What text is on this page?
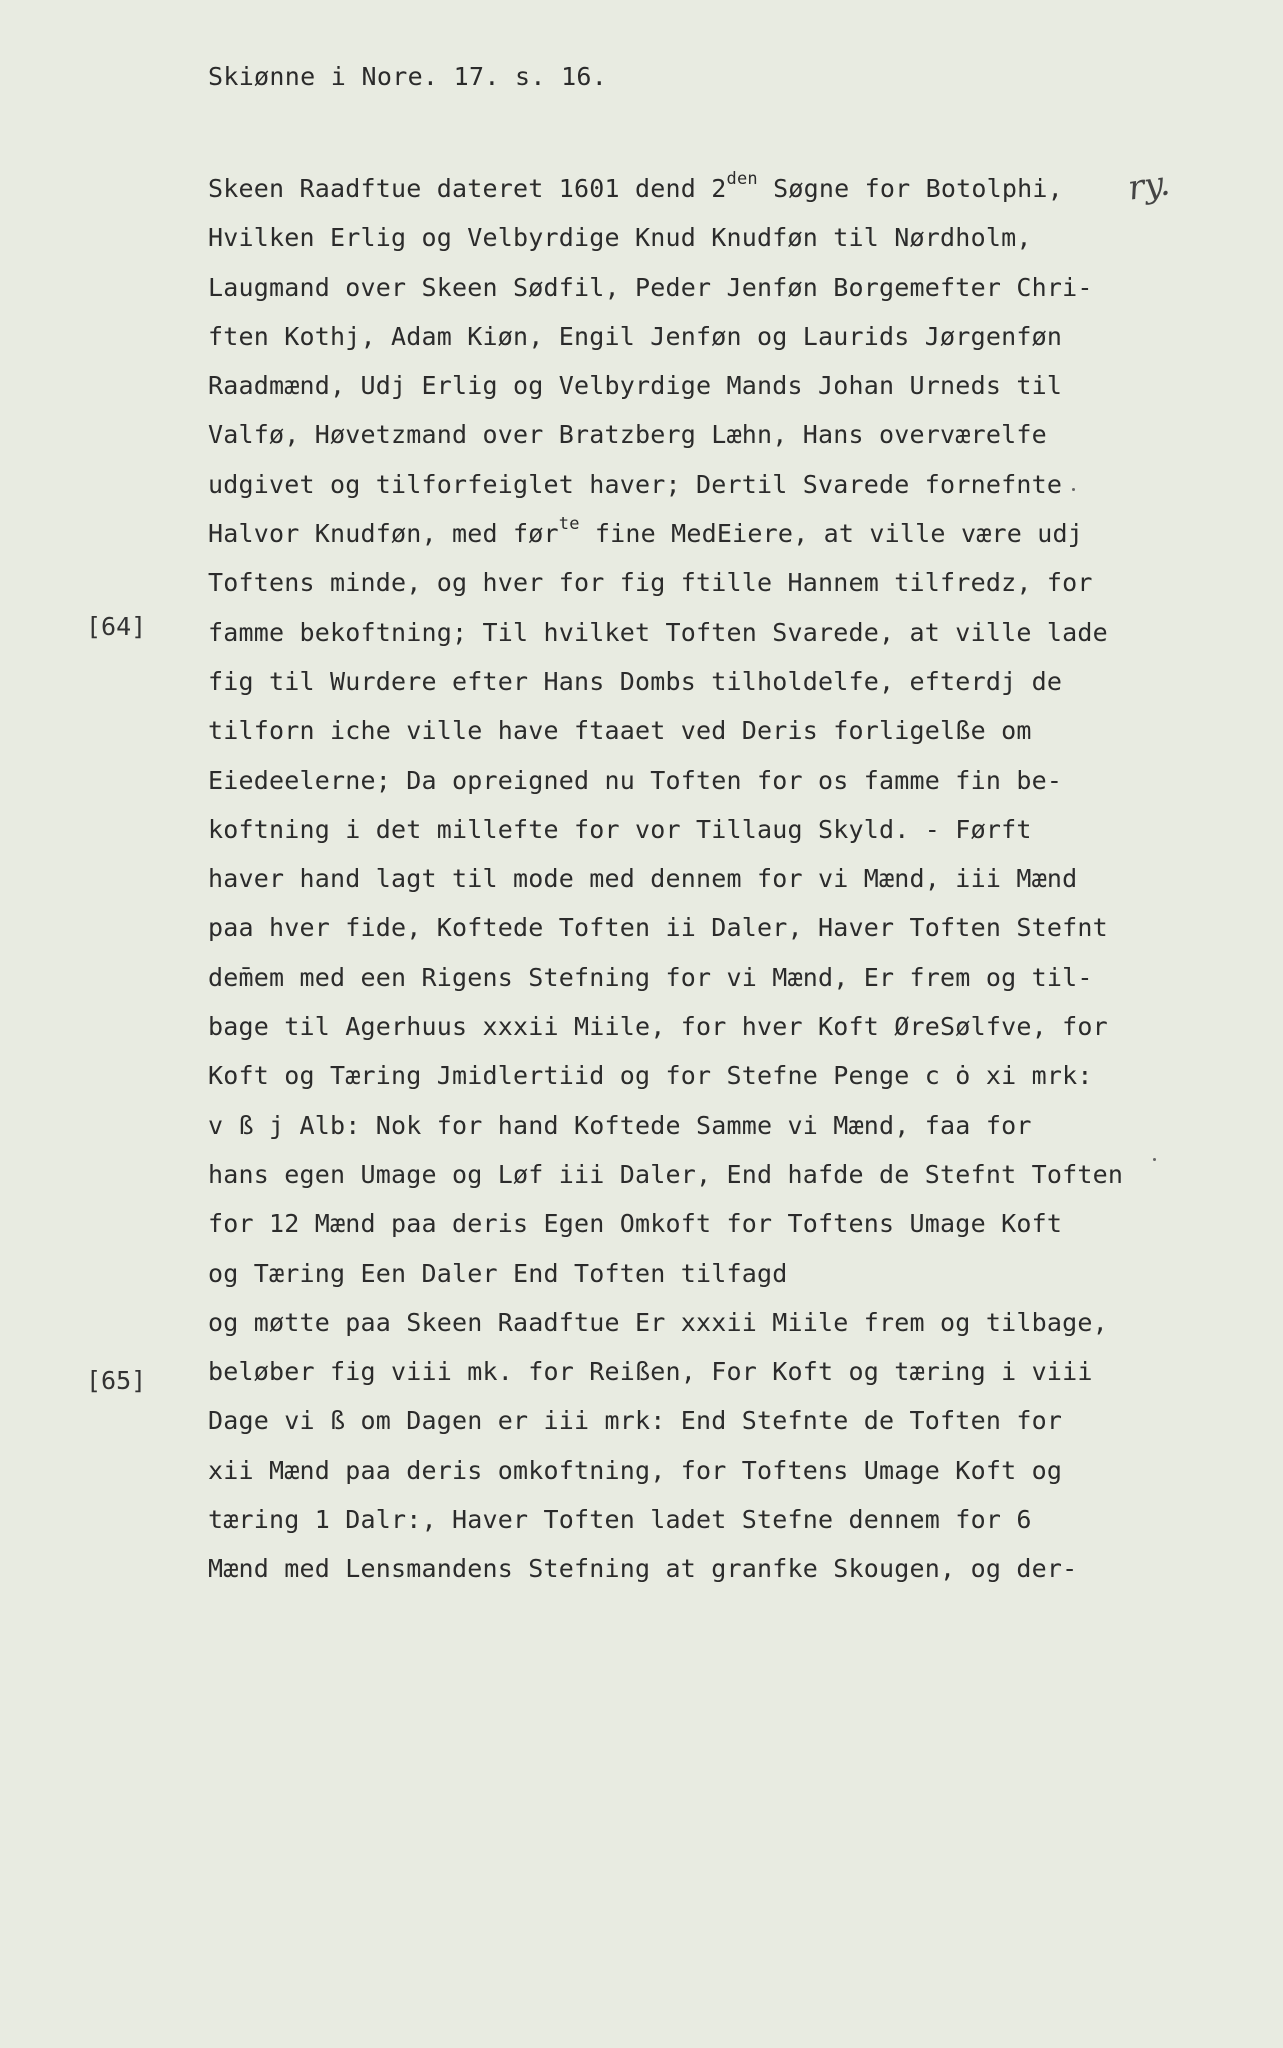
Skiønne i Nore. 17. s. 16.
ry.
[64]
[65]
Skeen Raadftue dateret 1601 dend $2^{den}$ Søgne for Botolphi,
Hvilken Erlig og Velbyrdige Knud Knudføn til Nørdholm,
Laugmand over Skeen Sødfil, Peder Jenføn Borgemefter Chri-
ften Kothj, Adam Kiøn, Engil Jenføn og Laurids Jørgenføn
Raadmænd, Udj Erlig og Velbyrdige Mands Johan Urneds til
Valfø, Høvetzmand over Bratzberg Læhn, Hans overværelfe
udgivet og tilforfeiglet haver; Dertil Svarede fornefnte
Halvor Knudføn, med før$^{te}$ fine MedEiere, at ville være udj
Toftens minde, og hver for fig ftille Hannem tilfredz, for
famme bekoftning; Til hvilket Toften Svarede, at ville lade
fig til Wurdere efter Hans Dombs tilholdelfe, efterdj de
tilforn iche ville have ftaaet ved Deris forligelße om
Eiedeelerne; Da opreigned nu Toften for os famme fin be-
koftning i det millefte for vor Tillaug Skyld. - Førft
haver hand lagt til mode med dennem for vi Mænd, iii Mænd
paa hver fide, Koftede Toften ii Daler, Haver Toften Stefnt
dem̄em med een Rigens Stefning for vi Mænd, Er frem og til-
bage til Agerhuus xxxii Miile, for hver Koft ØreSølfve, for
Koft og Tæring Jmidlertiid og for Stefne Penge c ȯ xi mrk:
v ß j Alb: Nok for hand Koftede Samme vi Mænd, faa for
hans egen Umage og Løf iii Daler, End hafde de Stefnt Toften
for 12 Mænd paa deris Egen Omkoft for Toftens Umage Koft
og Tæring Een Daler End Toften tilfagd
og møtte paa Skeen Raadftue Er xxxii Miile frem og tilbage,
beløber fig viii mk. for Reißen, For Koft og tæring i viii
Dage vi ß om Dagen er iii mrk: End Stefnte de Toften for
xii Mænd paa deris omkoftning, for Toftens Umage Koft og
tæring 1 Dalr:, Haver Toften ladet Stefne dennem for 6
Mænd med Lensmandens Stefning at granfke Skougen, og der-
